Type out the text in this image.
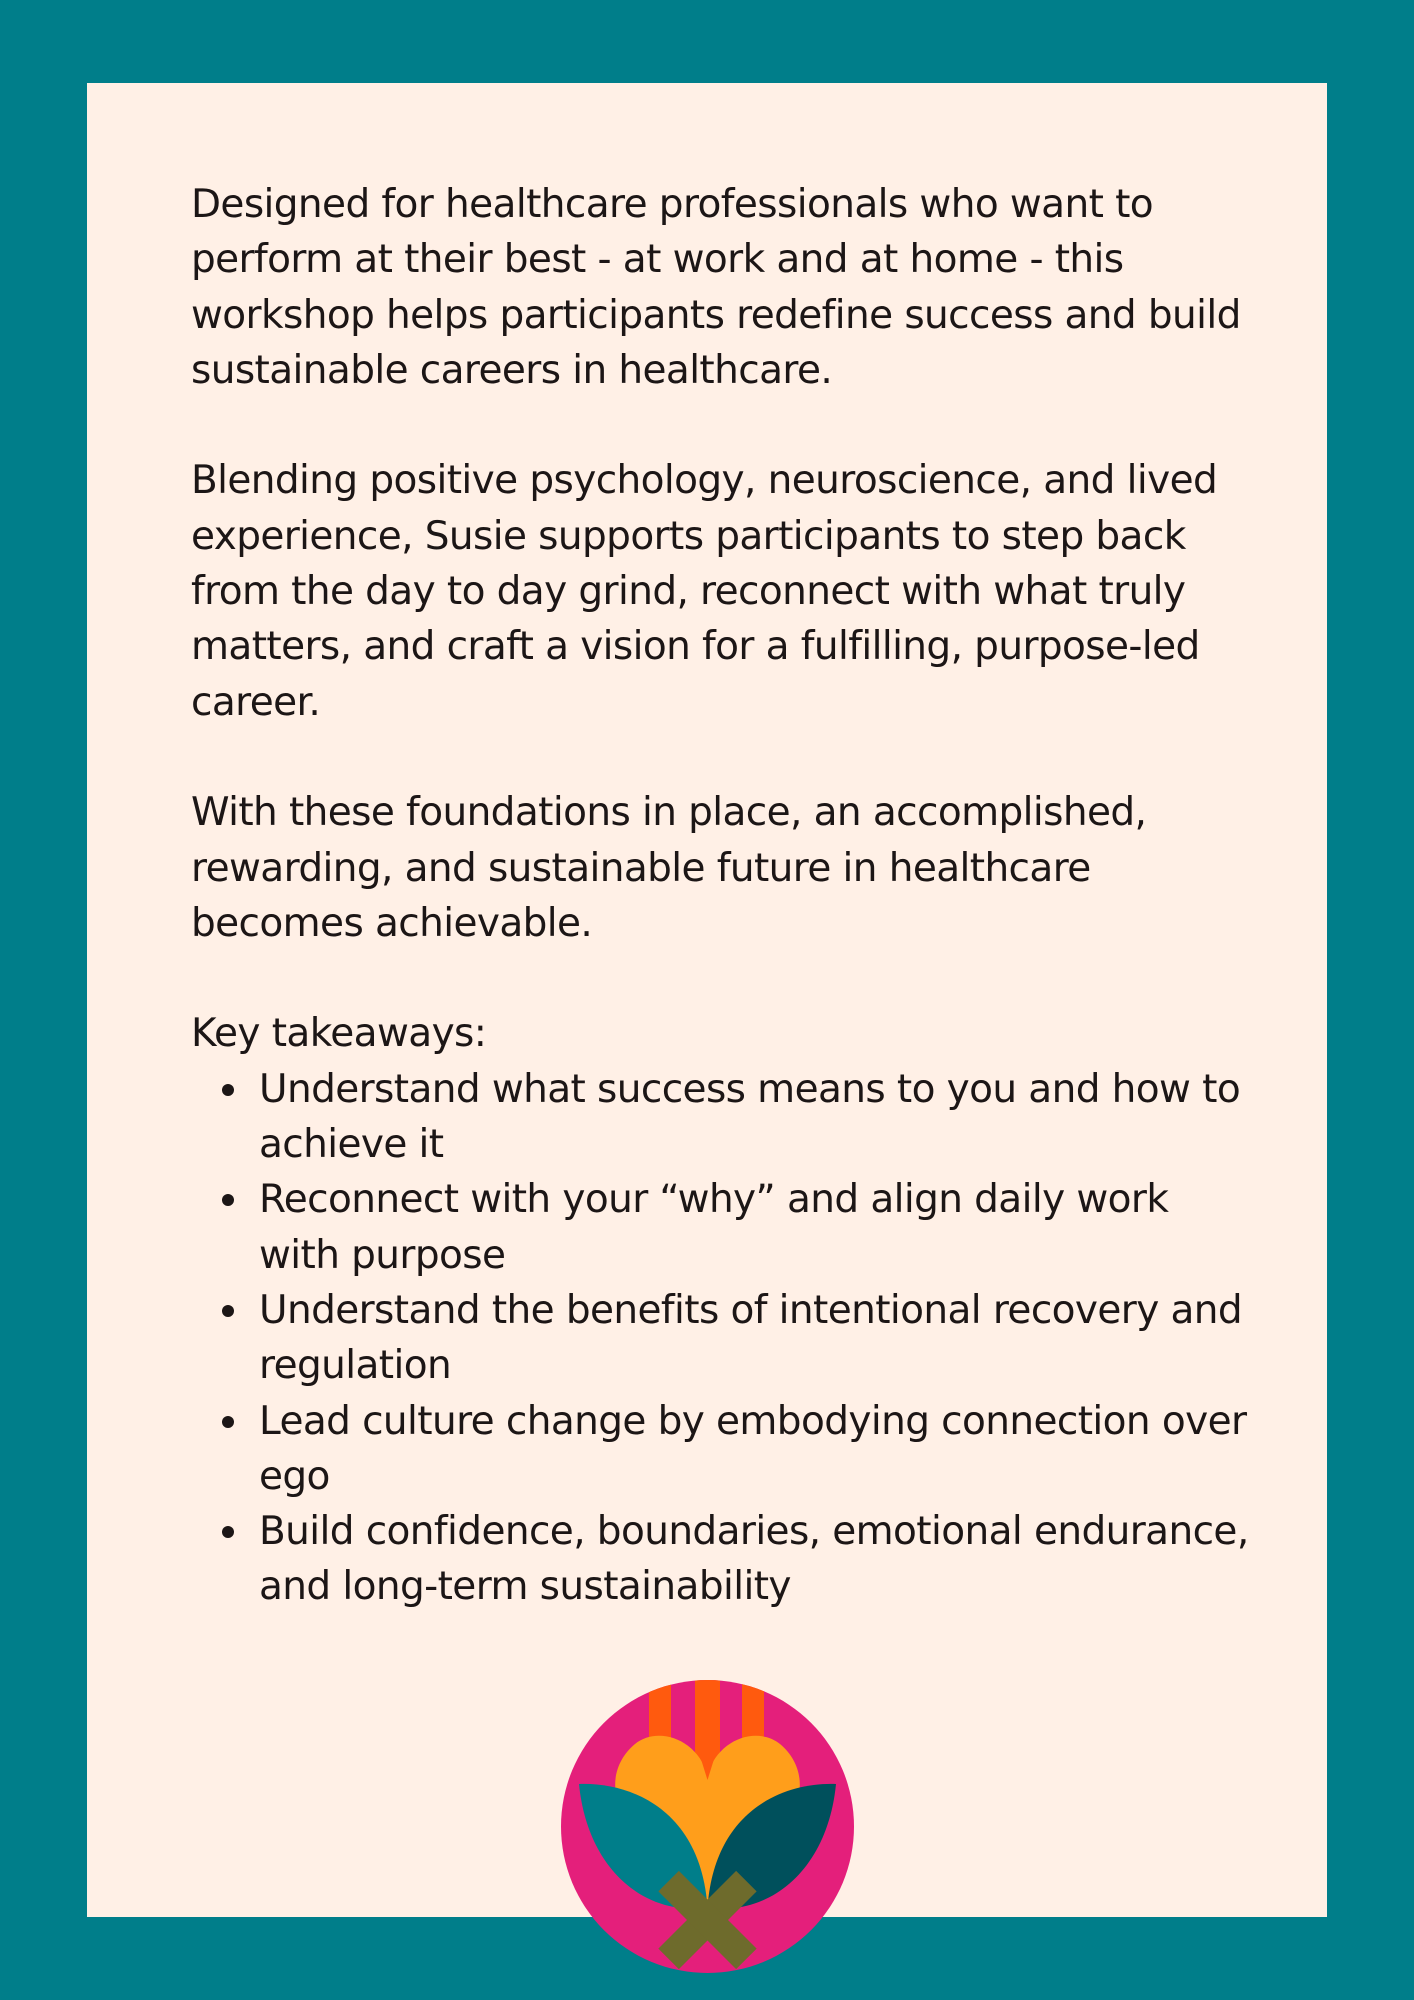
Designed for healthcare professionals who want to perform at their best - at work and at home - this workshop helps participants redefine success and build sustainable careers in healthcare.

Blending positive psychology, neuroscience, and lived experience, Susie supports participants to step back from the day to day grind, reconnect with what truly matters, and craft a vision for a fulfilling, purpose-led career.

With these foundations in place, an accomplished, rewarding, and sustainable future in healthcare becomes achievable.

Key takeaways:

Understand what success means to you and how to achieve it
Reconnect with your “why” and align daily work with purpose
Understand the benefits of intentional recovery and regulation
Lead culture change by embodying connection over ego
Build confidence, boundaries, emotional endurance, and long-term sustainability
